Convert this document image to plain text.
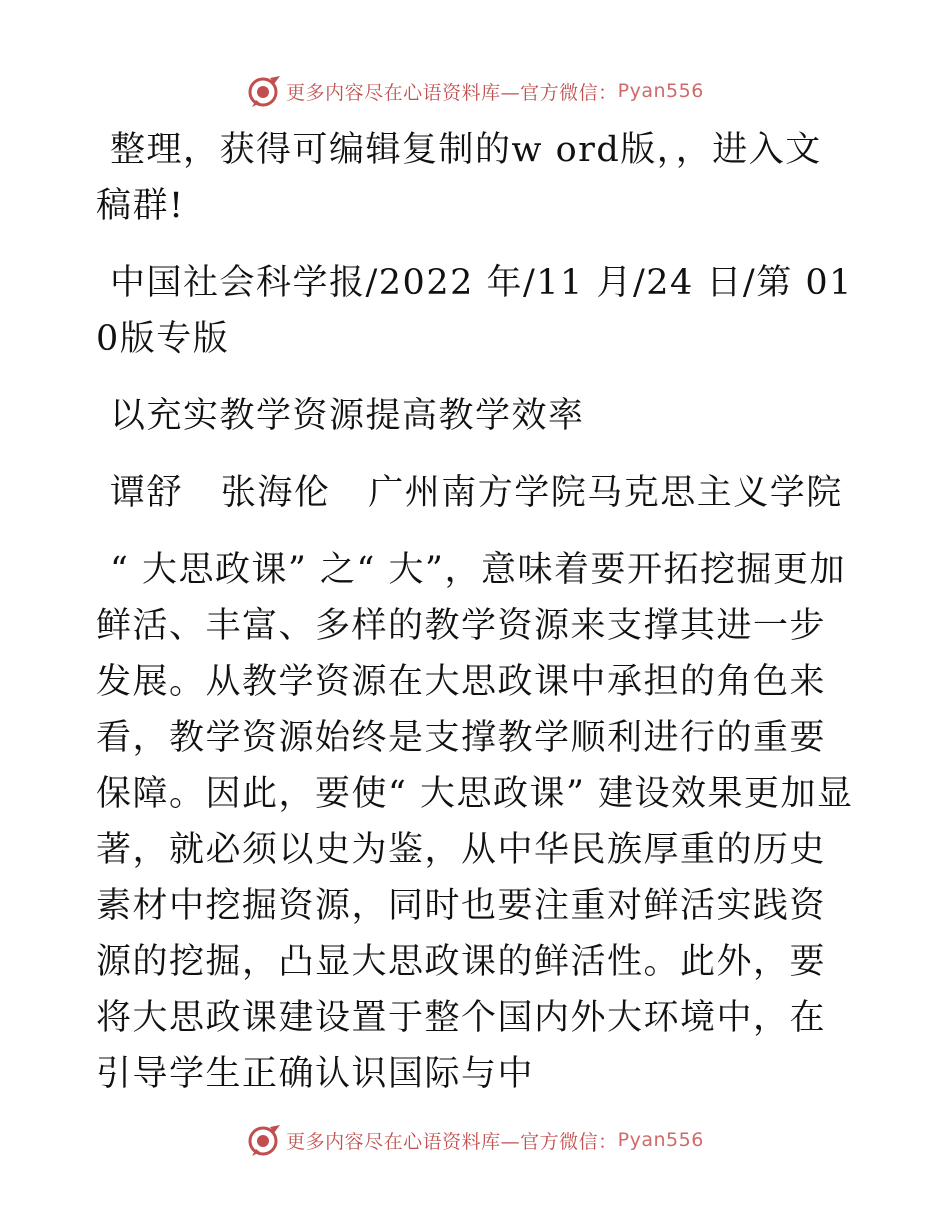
更多内容尽在心语资料库—官方微信： Pyan556

整理，获得可编辑复制的w ord版，，进入文稿群!

中国社会科学报/2022 年/11 月/24 日/第 010版专版

以充实教学资源提高教学效率

谭舒   张海伦   广州南方学院马克思主义学院

“ 大思政课” 之“ 大”，意味着要开拓挖掘更加鲜活、丰富、多样的教学资源来支撑其进一步发展。从教学资源在大思政课中承担的角色来看，教学资源始终是支撑教学顺利进行的重要保障。因此，要使“ 大思政课” 建设效果更加显著，就必须以史为鉴，从中华民族厚重的历史素材中挖掘资源，同时也要注重对鲜活实践资源的挖掘，凸显大思政课的鲜活性。此外，要将大思政课建设置于整个国内外大环境中，在引导学生正确认识国际与中

更多内容尽在心语资料库—官方微信： Pyan556
